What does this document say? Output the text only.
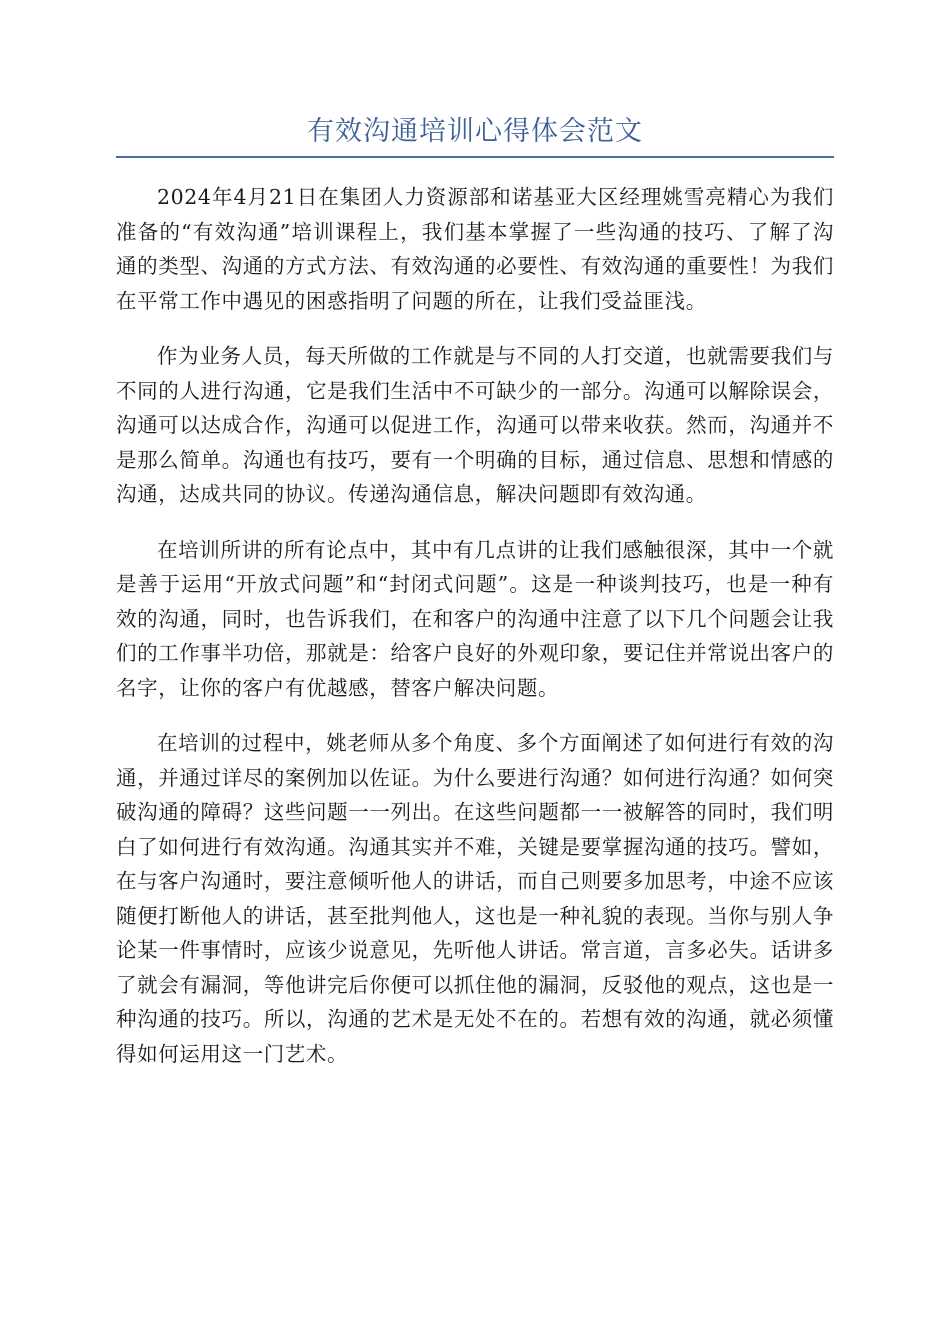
有效沟通培训心得体会范文

2024年4月21日在集团人力资源部和诺基亚大区经理姚雪亮精心为我们准备的“有效沟通”培训课程上，我们基本掌握了一些沟通的技巧、了解了沟通的类型、沟通的方式方法、有效沟通的必要性、有效沟通的重要性！为我们在平常工作中遇见的困惑指明了问题的所在，让我们受益匪浅。

作为业务人员，每天所做的工作就是与不同的人打交道，也就需要我们与不同的人进行沟通，它是我们生活中不可缺少的一部分。沟通可以解除误会，沟通可以达成合作，沟通可以促进工作，沟通可以带来收获。然而，沟通并不是那么简单。沟通也有技巧，要有一个明确的目标，通过信息、思想和情感的沟通，达成共同的协议。传递沟通信息，解决问题即有效沟通。

在培训所讲的所有论点中，其中有几点讲的让我们感触很深，其中一个就是善于运用“开放式问题”和“封闭式问题”。这是一种谈判技巧，也是一种有效的沟通，同时，也告诉我们，在和客户的沟通中注意了以下几个问题会让我们的工作事半功倍，那就是：给客户良好的外观印象，要记住并常说出客户的名字，让你的客户有优越感，替客户解决问题。

在培训的过程中，姚老师从多个角度、多个方面阐述了如何进行有效的沟通，并通过详尽的案例加以佐证。为什么要进行沟通？如何进行沟通？如何突破沟通的障碍？这些问题一一列出。在这些问题都一一被解答的同时，我们明白了如何进行有效沟通。沟通其实并不难，关键是要掌握沟通的技巧。譬如，在与客户沟通时，要注意倾听他人的讲话，而自己则要多加思考，中途不应该随便打断他人的讲话，甚至批判他人，这也是一种礼貌的表现。当你与别人争论某一件事情时，应该少说意见，先听他人讲话。常言道，言多必失。话讲多了就会有漏洞，等他讲完后你便可以抓住他的漏洞，反驳他的观点，这也是一种沟通的技巧。所以，沟通的艺术是无处不在的。若想有效的沟通，就必须懂得如何运用这一门艺术。
